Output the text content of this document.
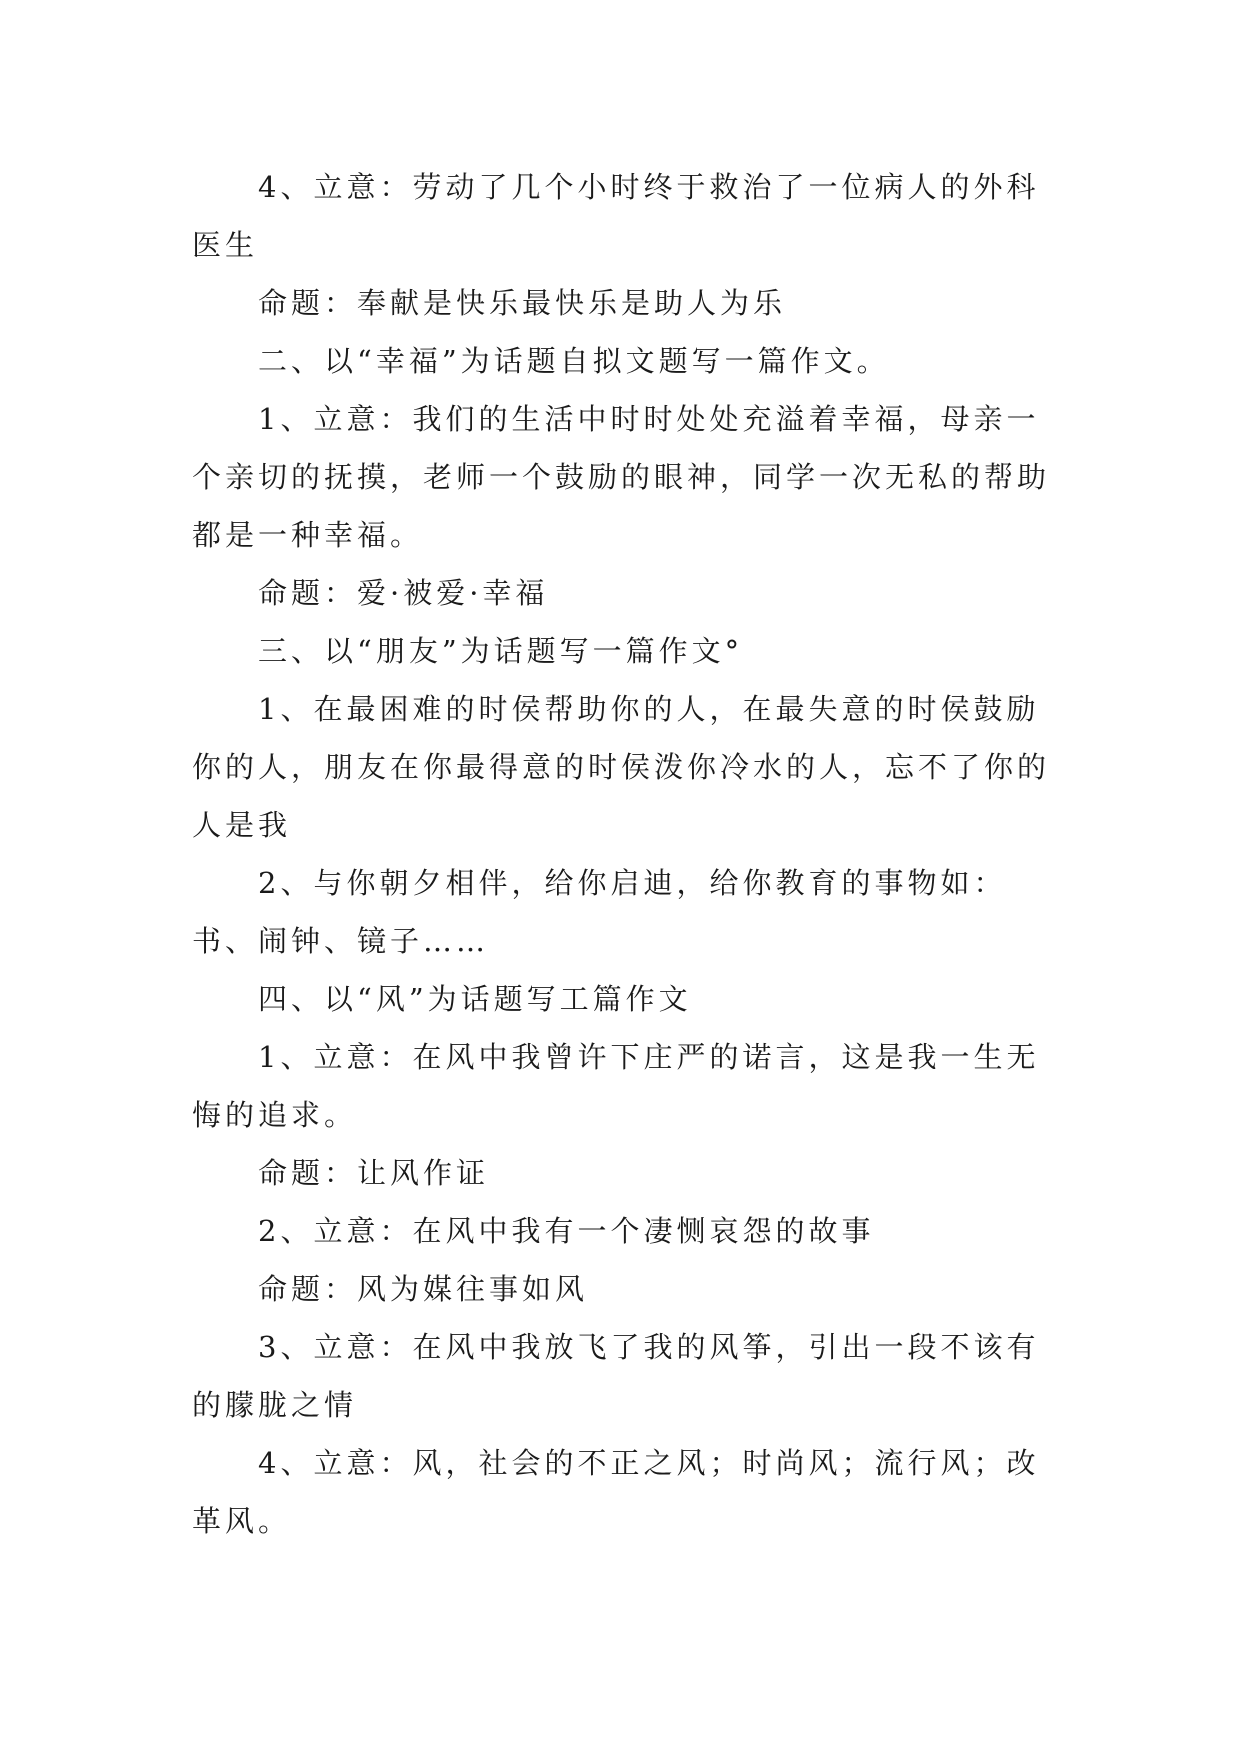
4、立意：劳动了几个小时终于救治了一位病人的外科医生

命题：奉献是快乐最快乐是助人为乐

二、以“幸福”为话题自拟文题写一篇作文。

1、立意：我们的生活中时时处处充溢着幸福，母亲一个亲切的抚摸，老师一个鼓励的眼神，同学一次无私的帮助都是一种幸福。

命题：爱·被爱·幸福

三、以“朋友”为话题写一篇作文°

1、在最困难的时侯帮助你的人，在最失意的时侯鼓励你的人，朋友在你最得意的时侯泼你冷水的人，忘不了你的人是我

2、与你朝夕相伴，给你启迪，给你教育的事物如：书、闹钟、镜子……

四、以“风”为话题写工篇作文

1、立意：在风中我曾许下庄严的诺言，这是我一生无悔的追求。

命题：让风作证

2、立意：在风中我有一个凄恻哀怨的故事

命题：风为媒往事如风

3、立意：在风中我放飞了我的风筝，引出一段不该有的朦胧之情

4、立意：风，社会的不正之风；时尚风；流行风；改革风。
